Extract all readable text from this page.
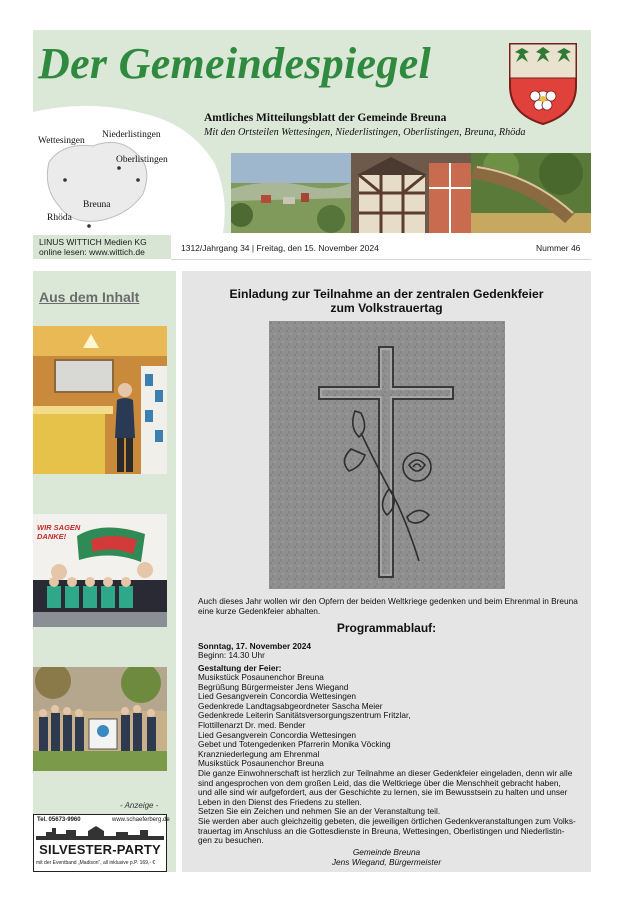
Der Gemeindespiegel
Wettesingen
Niederlistingen
Oberlistingen
Breuna
Rhöda
Amtliches Mitteilungsblatt der Gemeinde Breuna
Mit den Ortsteilen Wettesingen, Niederlistingen, Oberlistingen, Breuna, Rhöda
LINUS WITTICH Medien KG
online lesen: www.wittich.de	1312/Jahrgang 34 | Freitag, den 15. November 2024	Nummer 46
Aus dem Inhalt
WIR SAGEN DANKE!
- Anzeige -
Tel. 05673-9960	www.schaeferberg.de
SILVESTER-PARTY
mit der Eventband „Madison“, all inklusive p.P. 169,- €
Einladung zur Teilnahme an der zentralen Gedenkfeier
zum Volkstrauertag
Auch dieses Jahr wollen wir den Opfern der beiden Weltkriege gedenken und beim Ehrenmal in Breuna eine kurze Gedenkfeier abhalten.
Programmablauf:
Sonntag, 17. November 2024
Beginn: 14.30 Uhr
Gestaltung der Feier:
Musikstück Posaunenchor Breuna
Begrüßung Bürgermeister Jens Wiegand
Lied Gesangverein Concordia Wettesingen
Gedenkrede Landtagsabgeordneter Sascha Meier
Gedenkrede Leiterin Sanitätsversorgungszentrum Fritzlar,
Flottillenarzt Dr. med. Bender
Lied Gesangverein Concordia Wettesingen
Gebet und Totengedenken Pfarrerin Monika Vöcking
Kranzniederlegung am Ehrenmal
Musikstück Posaunenchor Breuna
Die ganze Einwohnerschaft ist herzlich zur Teilnahme an dieser Gedenkfeier eingeladen, denn wir alle
sind angesprochen von dem großen Leid, das die Weltkriege über die Menschheit gebracht haben,
und alle sind wir aufgefordert, aus der Geschichte zu lernen, sie im Bewusstsein zu halten und unser
Leben in den Dienst des Friedens zu stellen.
Setzen Sie ein Zeichen und nehmen Sie an der Veranstaltung teil.
Sie werden aber auch gleichzeitig gebeten, die jeweiligen örtlichen Gedenkveranstaltungen zum Volks-
trauertag im Anschluss an die Gottesdienste in Breuna, Wettesingen, Oberlistingen und Niederlistin-
gen zu besuchen.
Gemeinde Breuna
Jens Wiegand, Bürgermeister
